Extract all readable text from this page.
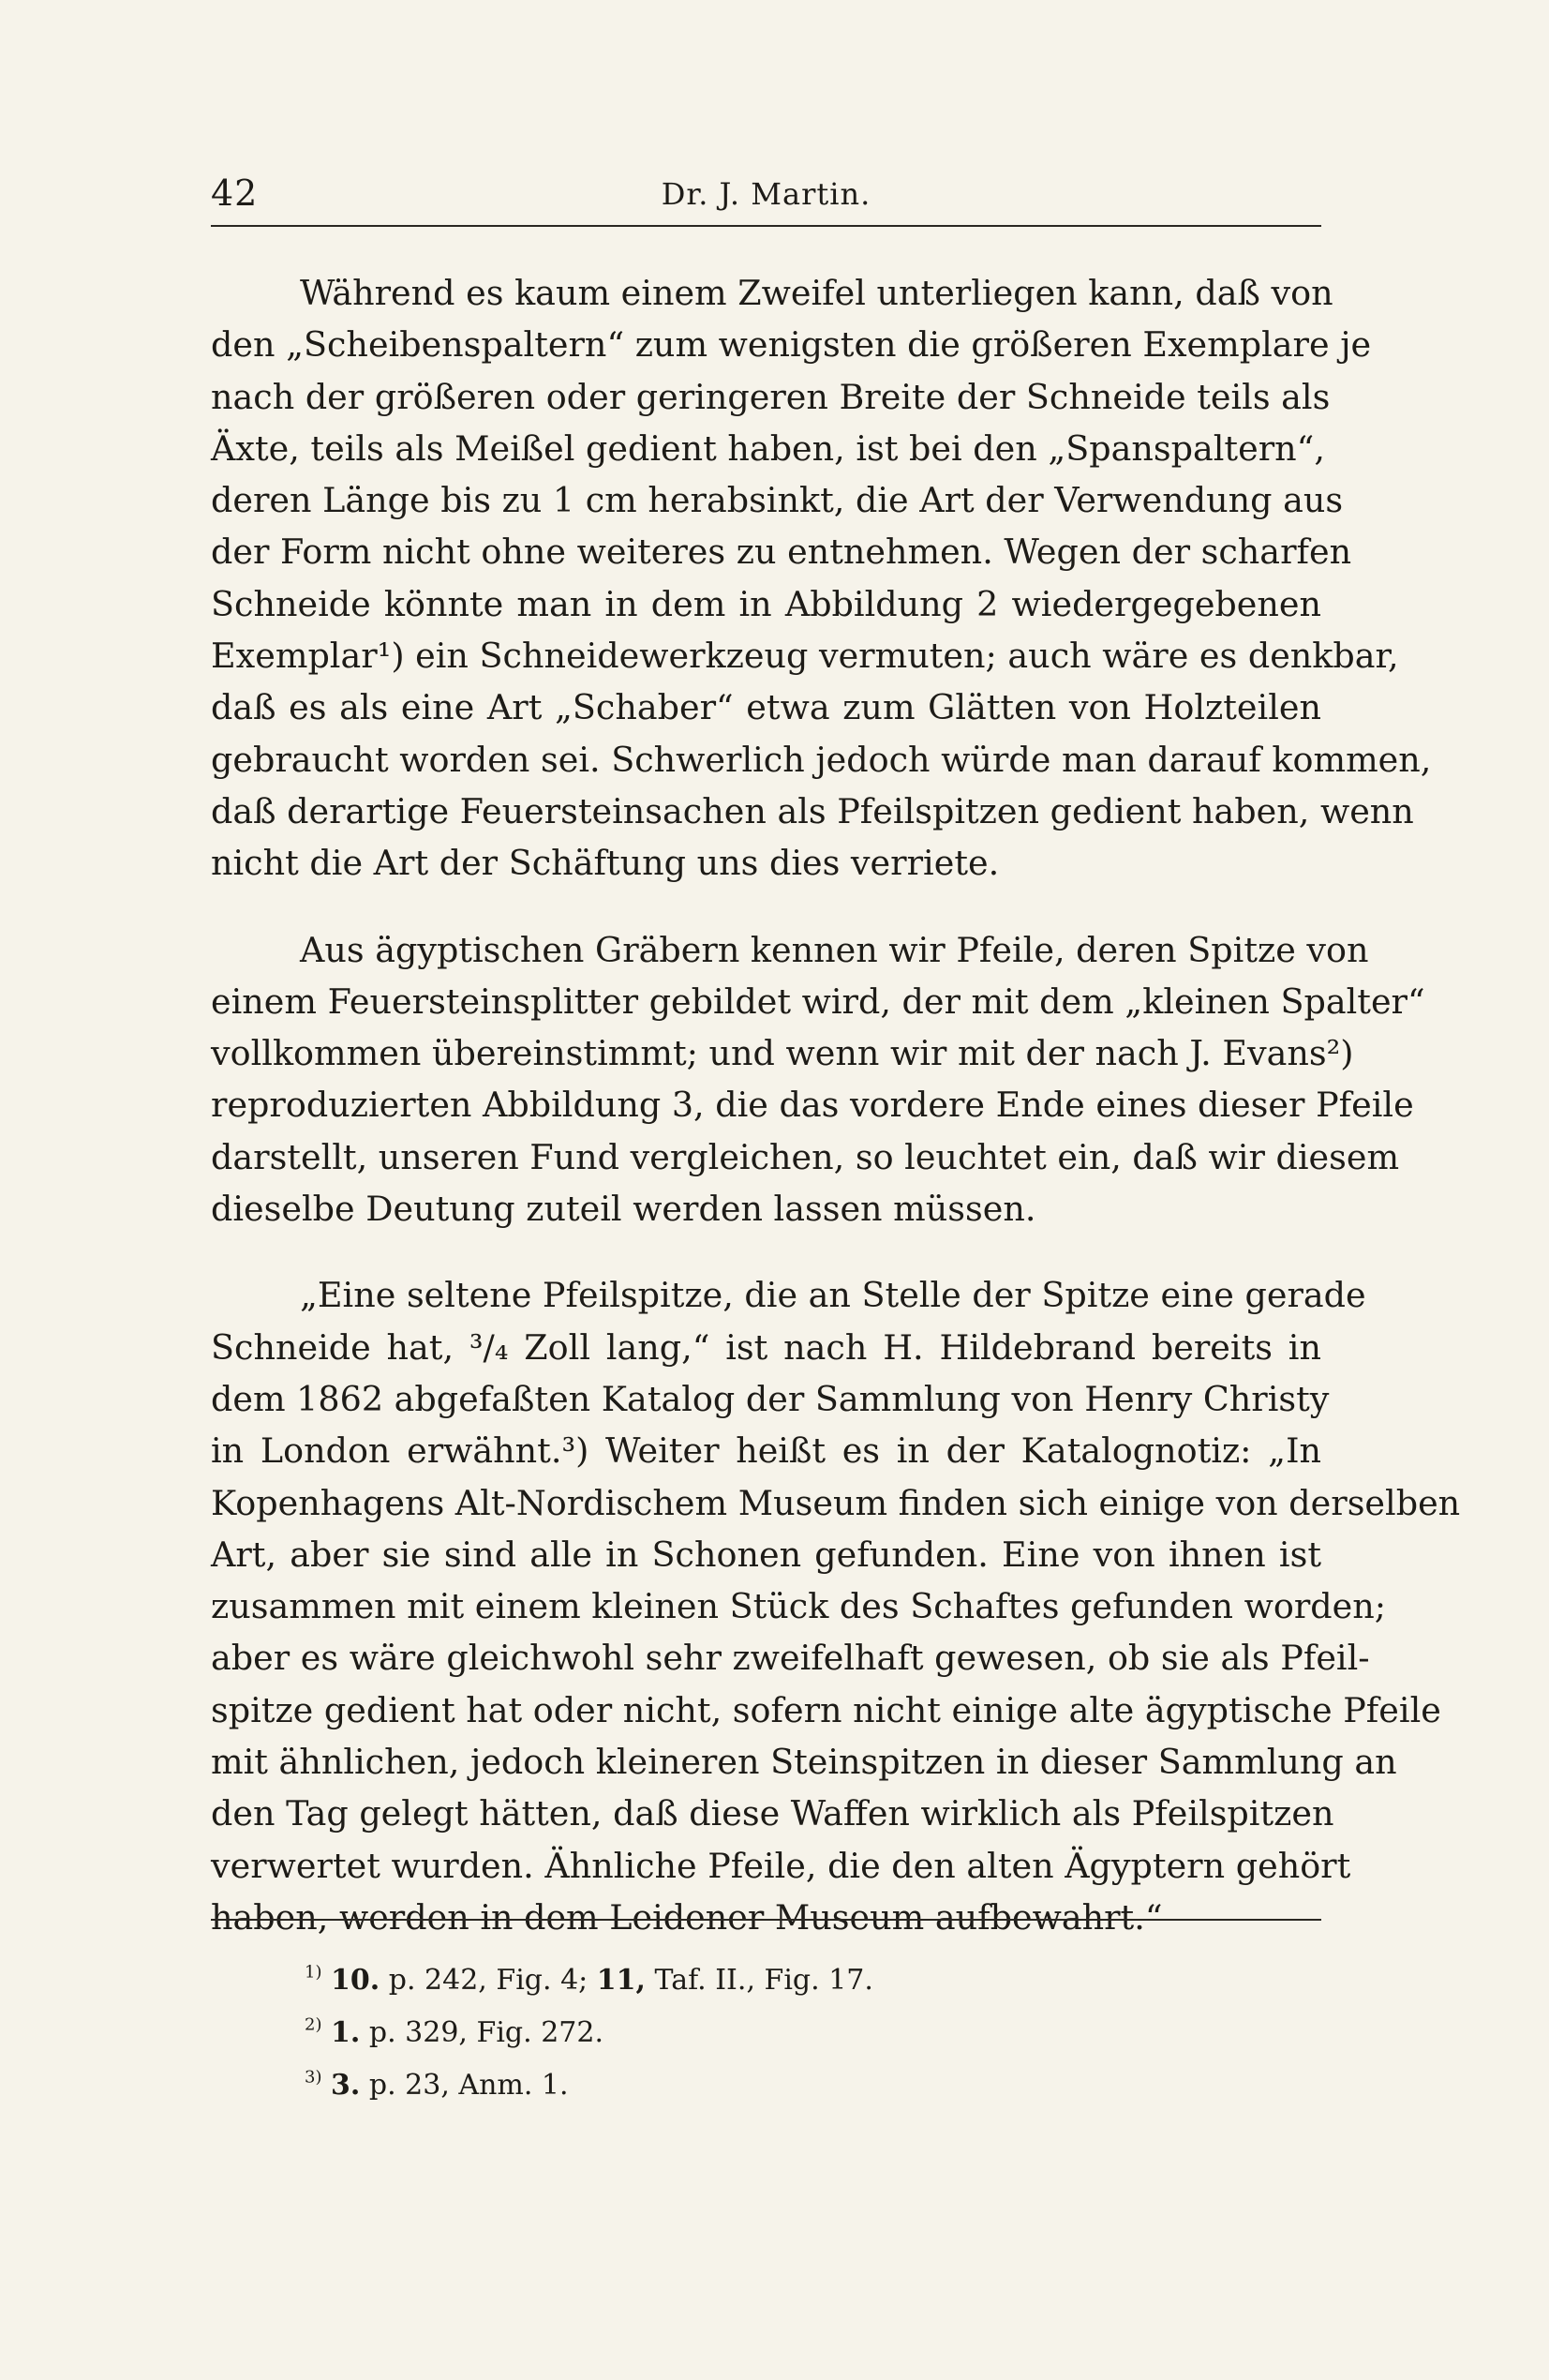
42	Dr. J. Martin.

Während es kaum einem Zweifel unterliegen kann, daß von
den „Scheibenspaltern“ zum wenigsten die größeren Exemplare je
nach der größeren oder geringeren Breite der Schneide teils als
Äxte, teils als Meißel gedient haben, ist bei den „Spanspaltern“,
deren Länge bis zu 1 cm herabsinkt, die Art der Verwendung aus
der Form nicht ohne weiteres zu entnehmen. Wegen der scharfen
Schneide könnte man in dem in Abbildung 2 wiedergegebenen
Exemplar¹) ein Schneidewerkzeug vermuten; auch wäre es denkbar,
daß es als eine Art „Schaber“ etwa zum Glätten von Holzteilen
gebraucht worden sei. Schwerlich jedoch würde man darauf kommen,
daß derartige Feuersteinsachen als Pfeilspitzen gedient haben, wenn
nicht die Art der Schäftung uns dies verriete.

Aus ägyptischen Gräbern kennen wir Pfeile, deren Spitze von
einem Feuersteinsplitter gebildet wird, der mit dem „kleinen Spalter“
vollkommen übereinstimmt; und wenn wir mit der nach J. Evans²)
reproduzierten Abbildung 3, die das vordere Ende eines dieser Pfeile
darstellt, unseren Fund vergleichen, so leuchtet ein, daß wir diesem
dieselbe Deutung zuteil werden lassen müssen.

„Eine seltene Pfeilspitze, die an Stelle der Spitze eine gerade
Schneide hat, ³/₄ Zoll lang,“ ist nach H. Hildebrand bereits in
dem 1862 abgefaßten Katalog der Sammlung von Henry Christy
in London erwähnt.³) Weiter heißt es in der Katalognotiz: „In
Kopenhagens Alt-Nordischem Museum finden sich einige von derselben
Art, aber sie sind alle in Schonen gefunden. Eine von ihnen ist
zusammen mit einem kleinen Stück des Schaftes gefunden worden;
aber es wäre gleichwohl sehr zweifelhaft gewesen, ob sie als Pfeil-
spitze gedient hat oder nicht, sofern nicht einige alte ägyptische Pfeile
mit ähnlichen, jedoch kleineren Steinspitzen in dieser Sammlung an
den Tag gelegt hätten, daß diese Waffen wirklich als Pfeilspitzen
verwertet wurden. Ähnliche Pfeile, die den alten Ägyptern gehört
haben, werden in dem Leidener Museum aufbewahrt.“

$^{1)}$ 10. p. 242, Fig. 4; 11, Taf. II., Fig. 17.
$^{2)}$ 1. p. 329, Fig. 272.
$^{3)}$ 3. p. 23, Anm. 1.
